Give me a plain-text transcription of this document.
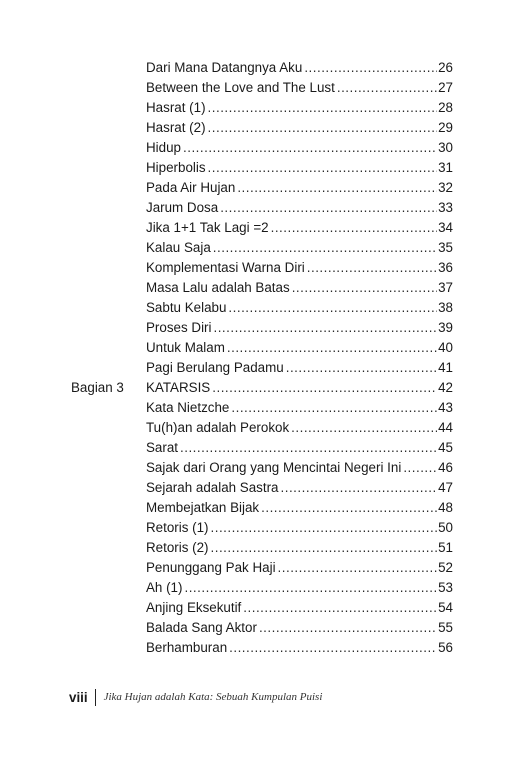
Dari Mana Datangnya Aku .....	26
Between the Love and The Lust .....	27
Hasrat (1) .....	28
Hasrat (2) .....	29
Hidup .....	30
Hiperbolis .....	31
Pada Air Hujan .....	32
Jarum Dosa .....	33
Jika 1+1 Tak Lagi =2 .....	34
Kalau Saja .....	35
Komplementasi Warna Diri .....	36
Masa Lalu adalah Batas .....	37
Sabtu Kelabu .....	38
Proses Diri .....	39
Untuk Malam .....	40
Pagi Berulang Padamu .....	41
Bagian 3 KATARSIS .....	42
Kata Nietzche .....	43
Tu(h)an adalah Perokok .....	44
Sarat .....	45
Sajak dari Orang yang Mencintai Negeri Ini .....	46
Sejarah adalah Sastra .....	47
Membejatkan Bijak .....	48
Retoris (1) .....	50
Retoris (2) .....	51
Penunggang Pak Haji .....	52
Ah (1) .....	53
Anjing Eksekutif .....	54
Balada Sang Aktor .....	55
Berhamburan .....	56
viii Jika Hujan adalah Kata: Sebuah Kumpulan Puisi
